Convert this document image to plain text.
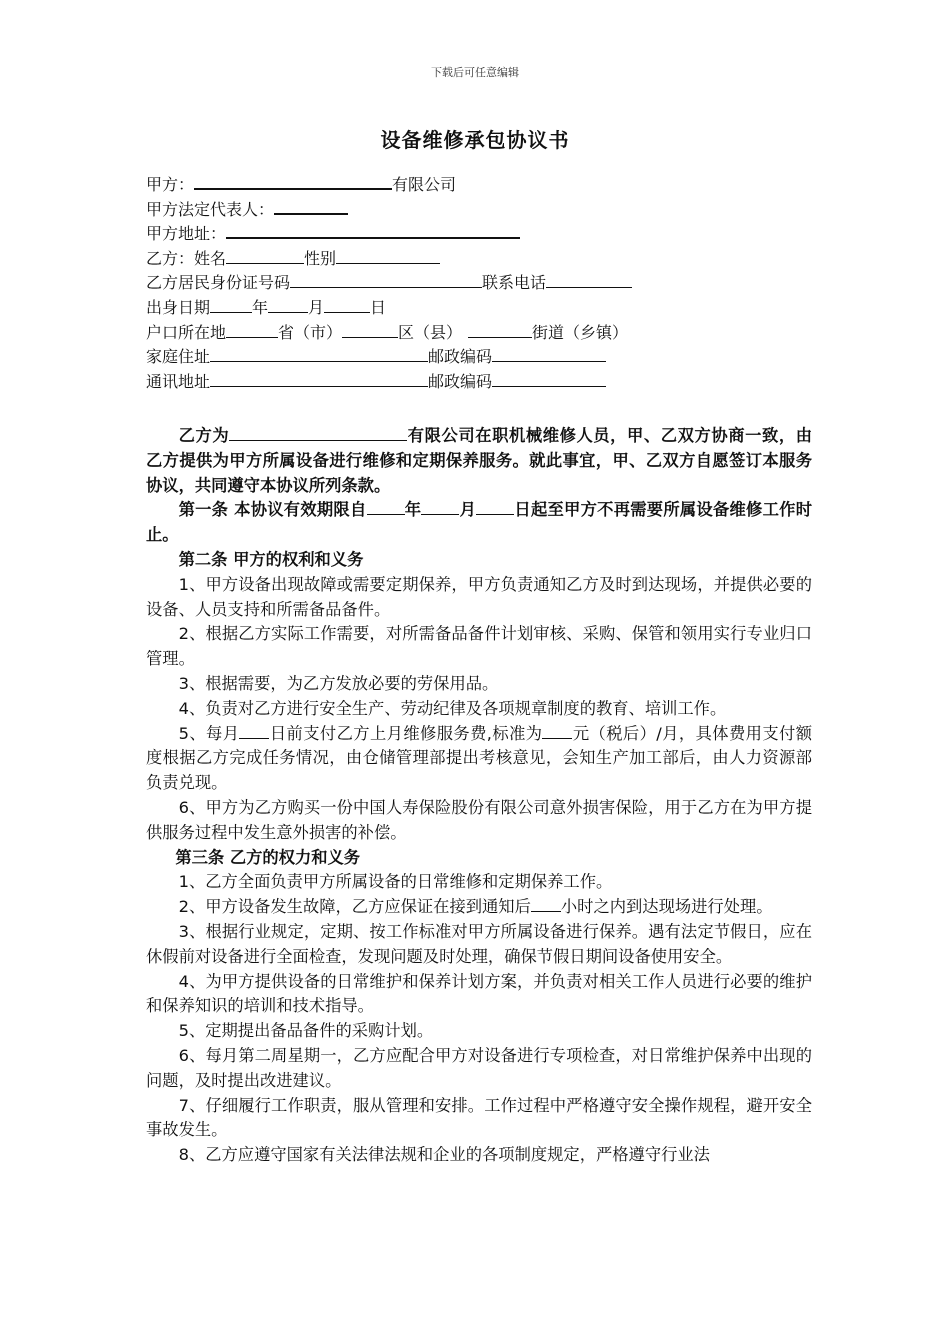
下载后可任意编辑
设备维修承包协议书
甲方：	有限公司
甲方法定代表人：
甲方地址：
乙方：姓名	性别
乙方居民身份证号码	联系电话
出身日期	年	月	日
户口所在地	省（市）	区（县）	街道（乡镇）
家庭住址	邮政编码
通讯地址	邮政编码

乙方为	有限公司在职机械维修人员，甲、乙双方协商一致，由乙方提供为甲方所属设备进行维修和定期保养服务。就此事宜，甲、乙双方自愿签订本服务协议，共同遵守本协议所列条款。

第一条 本协议有效期限自 年 月 日起至甲方不再需要所属设备维修工作时止。

第二条 甲方的权利和义务

1、甲方设备出现故障或需要定期保养，甲方负责通知乙方及时到达现场，并提供必要的设备、人员支持和所需备品备件。

2、根据乙方实际工作需要，对所需备品备件计划审核、采购、保管和领用实行专业归口管理。

3、根据需要，为乙方发放必要的劳保用品。

4、负责对乙方进行安全生产、劳动纪律及各项规章制度的教育、培训工作。

5、每月 日前支付乙方上月维修服务费,标准为 元（税后）/月，具体费用支付额度根据乙方完成任务情况，由仓储管理部提出考核意见，会知生产加工部后，由人力资源部负责兑现。

6、甲方为乙方购买一份中国人寿保险股份有限公司意外损害保险，用于乙方在为甲方提供服务过程中发生意外损害的补偿。

第三条 乙方的权力和义务

1、乙方全面负责甲方所属设备的日常维修和定期保养工作。

2、甲方设备发生故障，乙方应保证在接到通知后 小时之内到达现场进行处理。

3、根据行业规定，定期、按工作标准对甲方所属设备进行保养。遇有法定节假日，应在休假前对设备进行全面检查，发现问题及时处理，确保节假日期间设备使用安全。

4、为甲方提供设备的日常维护和保养计划方案，并负责对相关工作人员进行必要的维护和保养知识的培训和技术指导。

5、定期提出备品备件的采购计划。

6、每月第二周星期一，乙方应配合甲方对设备进行专项检查，对日常维护保养中出现的问题，及时提出改进建议。

7、仔细履行工作职责，服从管理和安排。工作过程中严格遵守安全操作规程，避开安全事故发生。

8、乙方应遵守国家有关法律法规和企业的各项制度规定，严格遵守行业法
